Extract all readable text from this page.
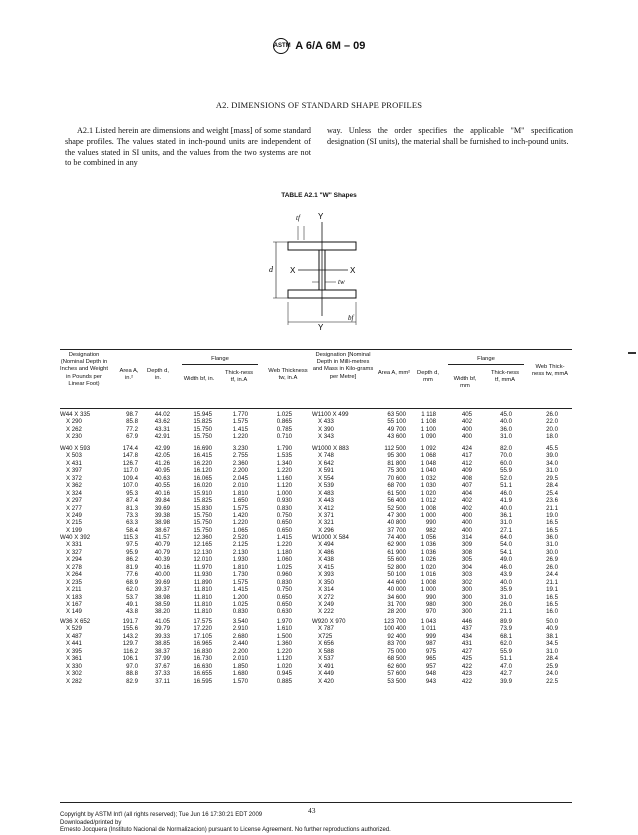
ASTM A 6/A 6M – 09
A2. DIMENSIONS OF STANDARD SHAPE PROFILES
A2.1 Listed herein are dimensions and weight [mass] of some standard shape profiles. The values stated in inch-pound units are independent of the values stated in SI units, and the values from the two systems are not to be combined in any
way. Unless the order specifies the applicable "M" specification designation (SI units), the material shall be furnished to inch-pound units.
TABLE A2.1 "W" Shapes
tf Y
Y
X	X
d
tw
bf
Designation (Nominal Depth in Inches and Weight in Pounds per Linear Foot)
Area A, in.²
Depth d, in.
Flange
Width bf, in.
Thick-ness tf, in.A
Web Thickness tw, in.A
Designation [Nominal Depth in Milli-metres and Mass in Kilo-grams per Metre]
Area A, mm²	Depth d, mm
Flange
Width bf, mm
Thick-ness tf, mmA
Web Thick-ness tw, mmA
W44 X 335
X 290
X 262
X 230
98.7
85.8
77.2
67.9
44.02
43.62
43.31
42.91
15.945
15.825
15.750
15.750
1.770
1.575
1.415
1.220
1.025
0.865
0.785
0.710
W1100 X 499
X 433
X 390
X 343
63 500
55 100
49 700
43 600
1 118
1 108
1 100
1 090
405
402
400
400
45.0
40.0
36.0
31.0
26.0
22.0
20.0
18.0
W40 X 593
X 503
X 431
X 397
X 372
X 362
X 324
X 297
X 277
X 249
X 215
X 199
174.4
147.8
126.7
117.0
109.4
107.0
95.3
87.4
81.3
73.3
63.3
58.4
42.99
42.05
41.26
40.95
40.63
40.55
40.16
39.84
39.69
39.38
38.98
38.67
16.690
16.415
16.220
16.120
16.065
16.020
15.910
15.825
15.830
15.750
15.750
15.750
3.230
2.755
2.360
2.200
2.045
2.010
1.810
1.650
1.575
1.420
1.220
1.065
1.790
1.535
1.340
1.220
1.160
1.120
1.000
0.930
0.830
0.750
0.650
0.650
W1000 X 883
X 748
X 642
X 591
X 554
X 539
X 483
X 443
X 412
X 371
X 321
X 296
112 500
95 300
81 800
75 300
70 600
68 700
61 500
56 400
52 500
47 300
40 800
37 700
1 092
1 068
1 048
1 040
1 032
1 030
1 020
1 012
1 008
1 000
990
982
424
417
412
409
408
407
404
402
402
400
400
400
82.0
70.0
60.0
55.9
52.0
51.1
46.0
41.9
40.0
36.1
31.0
27.1
45.5
39.0
34.0
31.0
29.5
28.4
25.4
23.6
21.1
19.0
16.5
16.5
W40 X 392
X 331
X 327
X 294
X 278
X 264
X 235
X 211
X 183
X 167
X 149
115.3
97.5
95.9
86.2
81.9
77.6
68.9
62.0
53.7
49.1
43.8
41.57
40.79
40.79
40.39
40.16
40.00
39.69
39.37
38.98
38.59
38.20
12.360
12.165
12.130
12.010
11.970
11.930
11.890
11.810
11.810
11.810
11.810
2.520
2.125
2.130
1.930
1.810
1.730
1.575
1.415
1.200
1.025
0.830
1.415
1.220
1.180
1.060
1.025
0.960
0.830
0.750
0.650
0.650
0.630
W1000 X 584
X 494
X 486
X 438
X 415
X 393
X 350
X 314
X 272
X 249
X 222
74 400
62 900
61 900
55 600
52 800
50 100
44 600
40 000
34 600
31 700
28 200
1 056
1 036
1 036
1 026
1 020
1 016
1 008
1 000
990
980
970
314
309
308
305
304
303
302
300
300
300
300
64.0
54.0
54.1
49.0
46.0
43.9
40.0
35.9
31.0
26.0
21.1
36.0
31.0
30.0
26.9
26.0
24.4
21.1
19.1
16.5
16.5
16.0
W36 X 652
X 529
X 487
X 441
X 395
X 361
X 330
X 302
X 282
191.7
155.6
143.2
129.7
116.2
106.1
97.0
88.8
82.9
41.05
39.79
39.33
38.85
38.37
37.99
37.67
37.33
37.11
17.575
17.220
17.105
16.965
16.830
16.730
16.630
16.655
16.595
3.540
2.910
2.680
2.440
2.200
2.010
1.850
1.680
1.570
1.970
1.610
1.500
1.360
1.220
1.120
1.020
0.945
0.885
W920 X 970
X 787
X725
X 656
X 588
X 537
X 491
X 449
X 420
123 700
100 400
92 400
83 700
75 000
68 500
62 600
57 600
53 500
1 043
1 011
999
987
975
965
957
948
943
446
437
434
431
427
425
422
423
422
89.9
73.9
68.1
62.0
55.9
51.1
47.0
42.7
39.9
50.0
40.9
38.1
34.5
31.0
28.4
25.9
24.0
22.5
Copyright by ASTM Int'l (all rights reserved); Tue Jun 16 17:30:21 EDT 2009
Downloaded/printed by
Ernesto Jocquera (Instituto Nacional de Normalizacion) pursuant to License Agreement. No further reproductions authorized.
43
